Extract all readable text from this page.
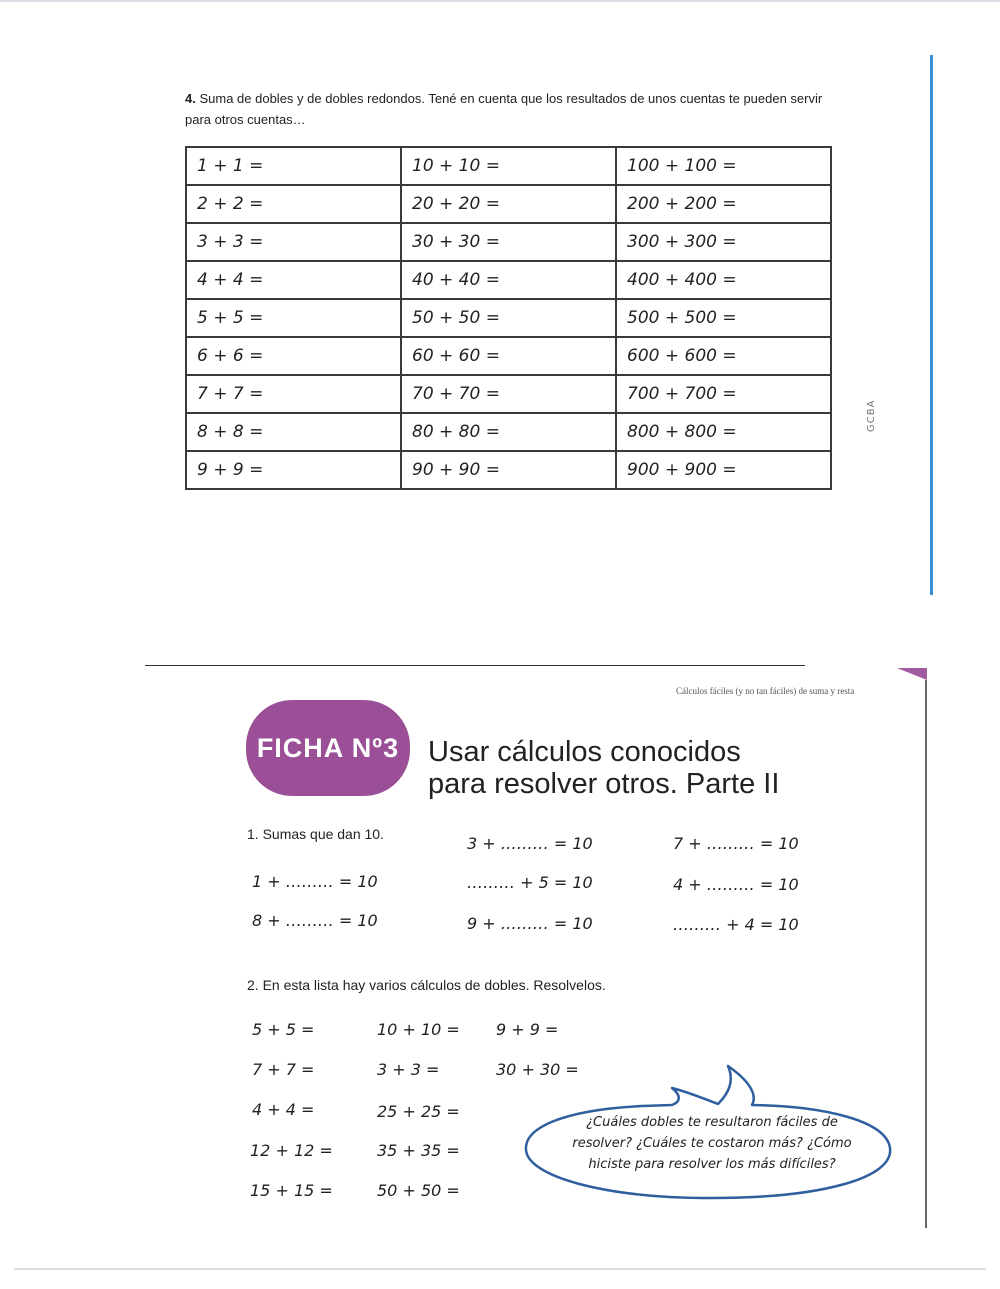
4. Suma de dobles y de dobles redondos. Tené en cuenta que los resultados de unos cuentas te pueden servir para otros cuentas…
1 + 1 =	10 + 10 =	100 + 100 =
2 + 2 =	20 + 20 =	200 + 200 =
3 + 3 =	30 + 30 =	300 + 300 =
4 + 4 =	40 + 40 =	400 + 400 =
5 + 5 =	50 + 50 =	500 + 500 =
6 + 6 =	60 + 60 =	600 + 600 =
7 + 7 =	70 + 70 =	700 + 700 =
8 + 8 =	80 + 80 =	800 + 800 =
9 + 9 =	90 + 90 =	900 + 900 =
GCBA
Cálculos fáciles (y no tan fáciles) de suma y resta
FICHA Nº3 Usar cálculos conocidos
para resolver otros. Parte II
1. Sumas que dan 10.	3 + ……… = 10	7 + ……… = 10
1 + ……… = 10	……… + 5 = 10	4 + ……… = 10
8 + ……… = 10	9 + ……… = 10	……… + 4 = 10
2. En esta lista hay varios cálculos de dobles. Resolvelos.
5 + 5 =	10 + 10 = 9 + 9 =
7 + 7 =	3 + 3 =	30 + 30 =
4 + 4 =	25 + 25 =
12 + 12 =	35 + 35 =
15 + 15 =	50 + 50 =
¿Cuáles dobles te resultaron fáciles de
resolver? ¿Cuáles te costaron más? ¿Cómo
hiciste para resolver los más difíciles?
